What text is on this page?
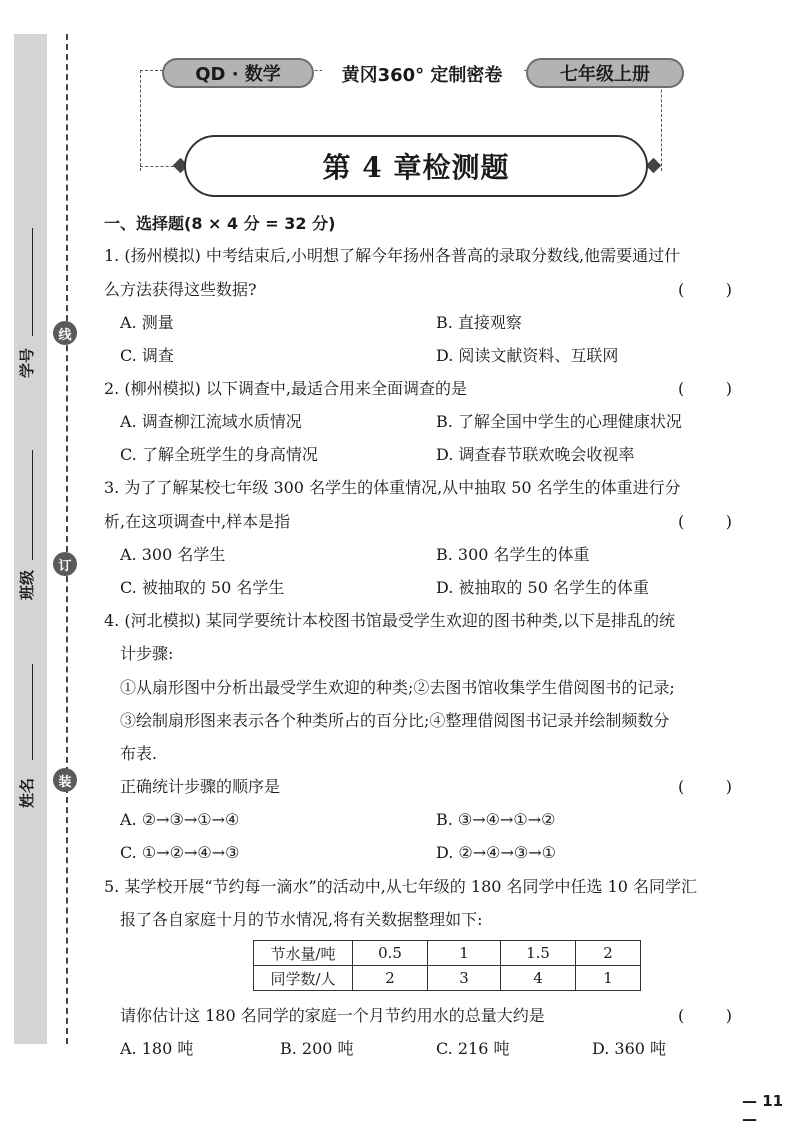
学号
班级
姓名
线
订
装
QD · 数学	黄冈360° 定制密卷	七年级上册
第 4 章检测题
一、选择题(8 × 4 分 = 32 分)
1. (扬州模拟) 中考结束后,小明想了解今年扬州各普高的录取分数线,他需要通过什
么方法获得这些数据?	(	)
A. 测量	B. 直接观察
C. 调查	D. 阅读文献资料、互联网
2. (柳州模拟) 以下调查中,最适合用来全面调查的是	(	)
A. 调查柳江流域水质情况	B. 了解全国中学生的心理健康状况
C. 了解全班学生的身高情况	D. 调查春节联欢晚会收视率
3. 为了了解某校七年级 300 名学生的体重情况,从中抽取 50 名学生的体重进行分
析,在这项调查中,样本是指	(	)
A. 300 名学生	B. 300 名学生的体重
C. 被抽取的 50 名学生	D. 被抽取的 50 名学生的体重
4. (河北模拟) 某同学要统计本校图书馆最受学生欢迎的图书种类,以下是排乱的统
计步骤:
①从扇形图中分析出最受学生欢迎的种类;②去图书馆收集学生借阅图书的记录;
③绘制扇形图来表示各个种类所占的百分比;④整理借阅图书记录并绘制频数分
布表.
正确统计步骤的顺序是	(	)
A. ②→③→①→④	B. ③→④→①→②
C. ①→②→④→③	D. ②→④→③→①
5. 某学校开展“节约每一滴水”的活动中,从七年级的 180 名同学中任选 10 名同学汇
报了各自家庭十月的节水情况,将有关数据整理如下:
节水量/吨	0.5	1	1.5	2
同学数/人	2	3	4	1
请你估计这 180 名同学的家庭一个月节约用水的总量大约是	(	)
A. 180 吨	B. 200 吨	C. 216 吨	D. 360 吨
— 11 —
